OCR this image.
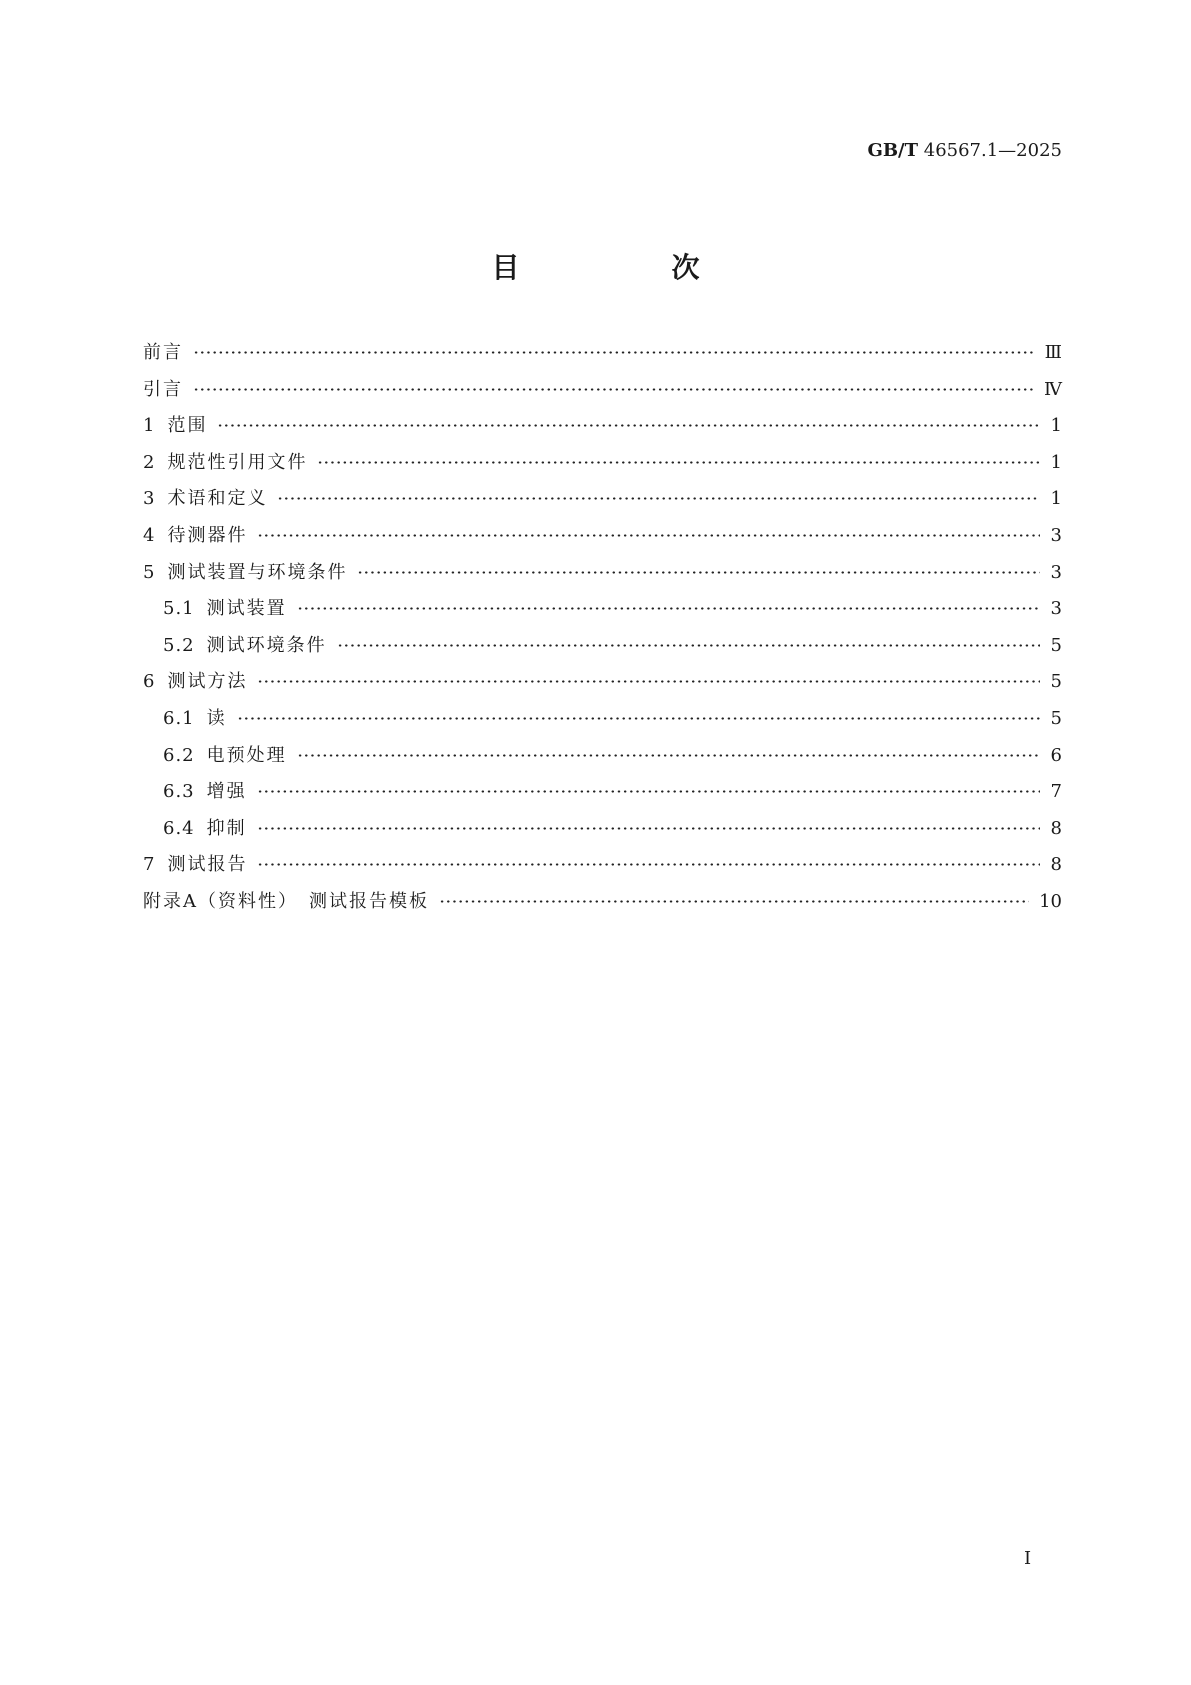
GB/T 46567.1—2025
目　次
前言	Ⅲ
引言	Ⅳ
1 范围	1
2 规范性引用文件	1
3 术语和定义	1
4 待测器件	3
5 测试装置与环境条件	3
5.1 测试装置	3
5.2 测试环境条件	5
6 测试方法	5
6.1 读	5
6.2 电预处理	6
6.3 增强	7
6.4 抑制	8
7 测试报告	8
附录A（资料性）　测试报告模板	10
Ⅰ
